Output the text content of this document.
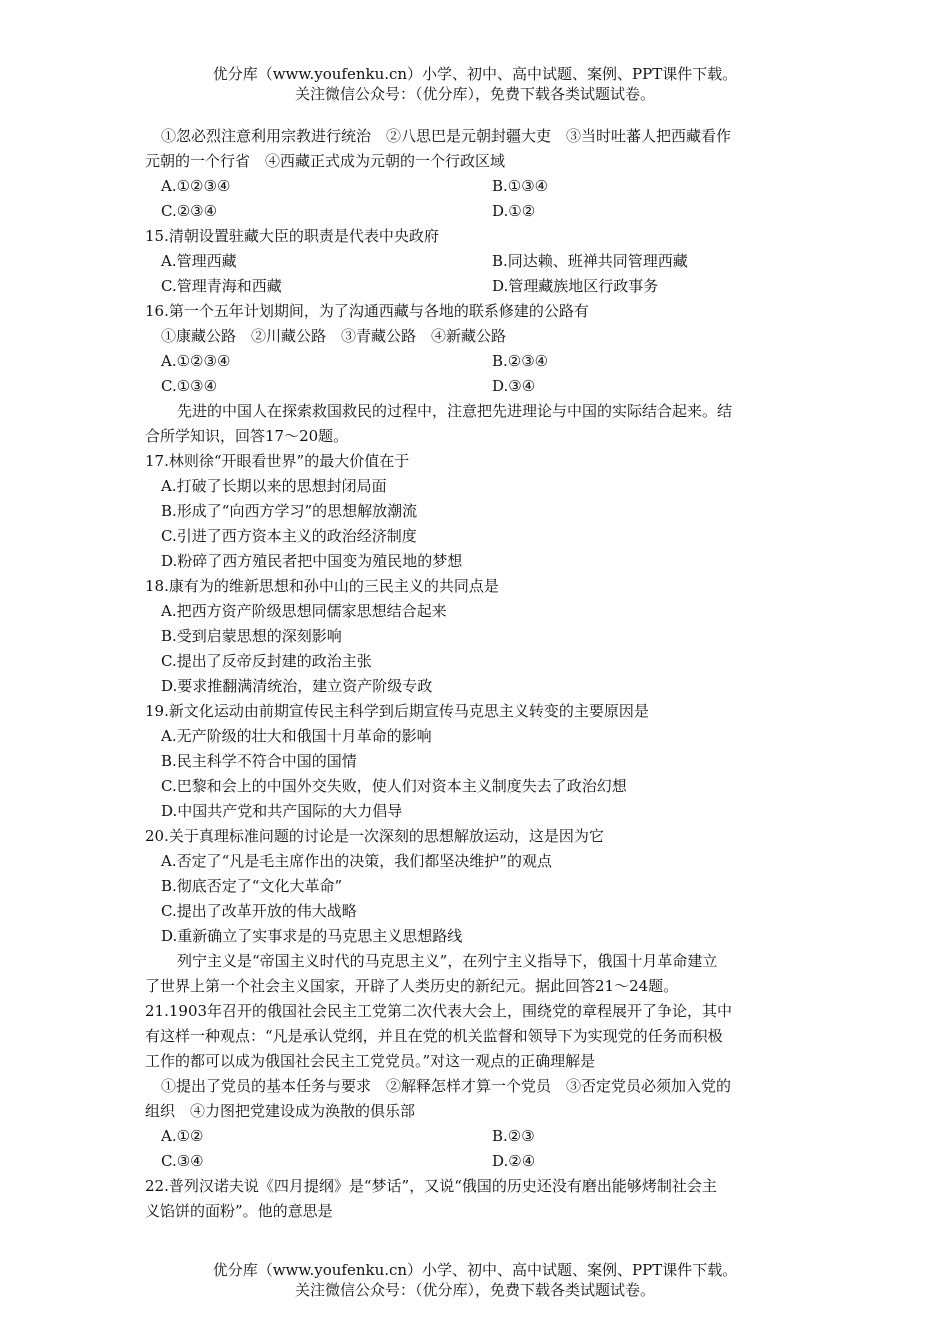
优分库（www.youfenku.cn）小学、初中、高中试题、案例、PPT课件下载。
关注微信公众号：（优分库），免费下载各类试题试卷。
①忽必烈注意利用宗教进行统治　②八思巴是元朝封疆大吏　③当时吐蕃人把西藏看作
元朝的一个行省　④西藏正式成为元朝的一个行政区域
A.①②③④	B.①③④
C.②③④	D.①②
15.清朝设置驻藏大臣的职责是代表中央政府
A.管理西藏	B.同达赖、班禅共同管理西藏
C.管理青海和西藏	D.管理藏族地区行政事务
16.第一个五年计划期间，为了沟通西藏与各地的联系修建的公路有
①康藏公路　②川藏公路　③青藏公路　④新藏公路
A.①②③④	B.②③④
C.①③④	D.③④
先进的中国人在探索救国救民的过程中，注意把先进理论与中国的实际结合起来。结
合所学知识，回答17～20题。
17.林则徐“开眼看世界”的最大价值在于
A.打破了长期以来的思想封闭局面
B.形成了“向西方学习”的思想解放潮流
C.引进了西方资本主义的政治经济制度
D.粉碎了西方殖民者把中国变为殖民地的梦想
18.康有为的维新思想和孙中山的三民主义的共同点是
A.把西方资产阶级思想同儒家思想结合起来
B.受到启蒙思想的深刻影响
C.提出了反帝反封建的政治主张
D.要求推翻满清统治，建立资产阶级专政
19.新文化运动由前期宣传民主科学到后期宣传马克思主义转变的主要原因是
A.无产阶级的壮大和俄国十月革命的影响
B.民主科学不符合中国的国情
C.巴黎和会上的中国外交失败，使人们对资本主义制度失去了政治幻想
D.中国共产党和共产国际的大力倡导
20.关于真理标准问题的讨论是一次深刻的思想解放运动，这是因为它
A.否定了“凡是毛主席作出的决策，我们都坚决维护”的观点
B.彻底否定了“文化大革命”
C.提出了改革开放的伟大战略
D.重新确立了实事求是的马克思主义思想路线
列宁主义是“帝国主义时代的马克思主义”，在列宁主义指导下，俄国十月革命建立
了世界上第一个社会主义国家，开辟了人类历史的新纪元。据此回答21～24题。
21.1903年召开的俄国社会民主工党第二次代表大会上，围绕党的章程展开了争论，其中
有这样一种观点：“凡是承认党纲，并且在党的机关监督和领导下为实现党的任务而积极
工作的都可以成为俄国社会民主工党党员。”对这一观点的正确理解是
①提出了党员的基本任务与要求　②解释怎样才算一个党员　③否定党员必须加入党的
组织　④力图把党建设成为涣散的俱乐部
A.①②	B.②③
C.③④	D.②④
22.普列汉诺夫说《四月提纲》是“梦话”，又说“俄国的历史还没有磨出能够烤制社会主
义馅饼的面粉”。他的意思是
优分库（www.youfenku.cn）小学、初中、高中试题、案例、PPT课件下载。
关注微信公众号：（优分库），免费下载各类试题试卷。
